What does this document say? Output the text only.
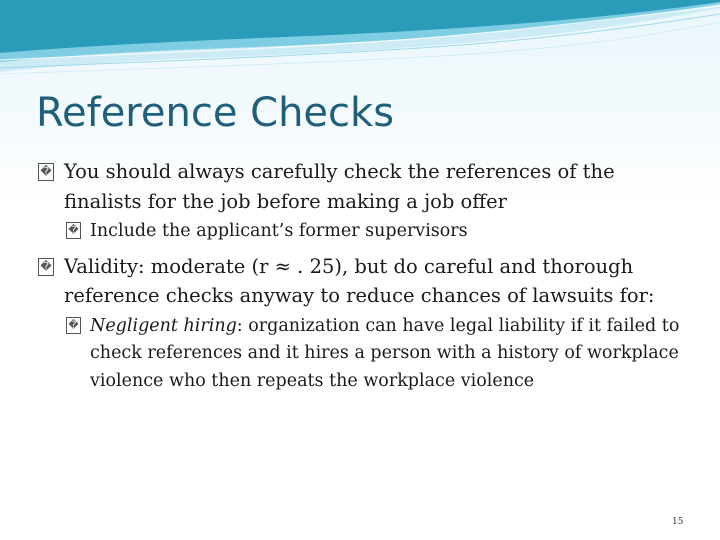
Reference Checks
� You should always carefully check the references of the finalists for the job before making a job offer
� Include the applicant’s former supervisors
� Validity: moderate (r ≈ . 25), but do careful and thorough reference checks anyway to reduce chances of lawsuits for:
� Negligent hiring: organization can have legal liability if it failed to check references and it hires a person with a history of workplace violence who then repeats the workplace violence
15
